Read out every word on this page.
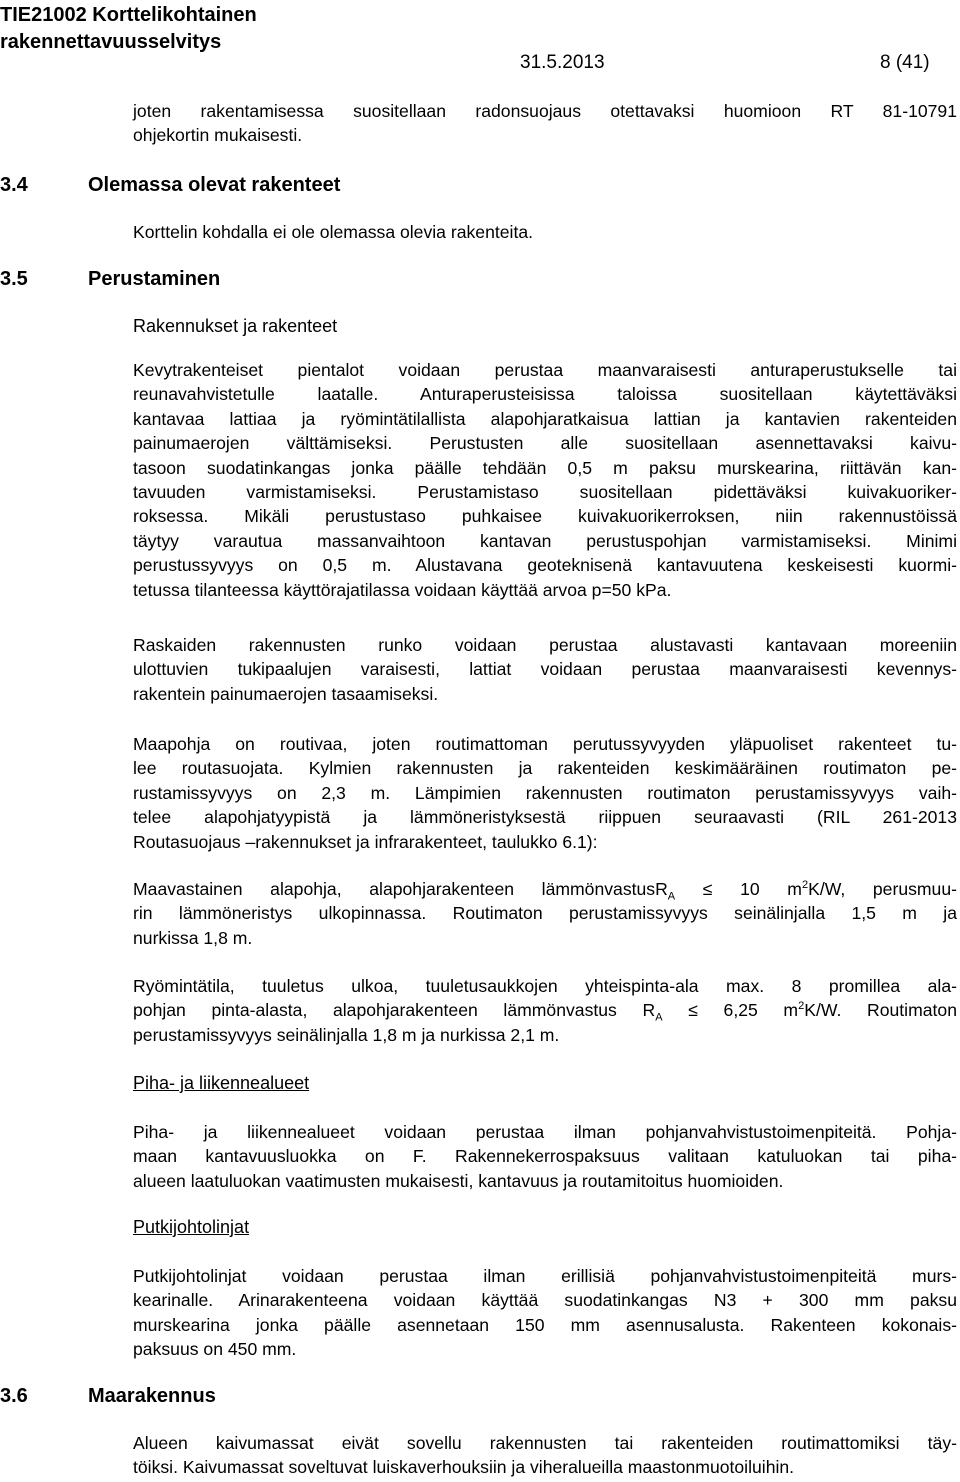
TIE21002 Korttelikohtainen
rakennettavuusselvitys
31.5.2013	8 (41)
joten rakentamisessa suositellaan radonsuojaus otettavaksi huomioon RT 81-10791
ohjekortin mukaisesti.
3.4	Olemassa olevat rakenteet
Korttelin kohdalla ei ole olemassa olevia rakenteita.
3.5	Perustaminen
Rakennukset ja rakenteet
Kevytrakenteiset pientalot voidaan perustaa maanvaraisesti anturaperustukselle tai
reunavahvistetulle laatalle. Anturaperusteisissa taloissa suositellaan käytettäväksi
kantavaa lattiaa ja ryömintätilallista alapohjaratkaisua lattian ja kantavien rakenteiden
painumaerojen välttämiseksi. Perustusten alle suositellaan asennettavaksi kaivu-
tasoon suodatinkangas jonka päälle tehdään 0,5 m paksu murskearina, riittävän kan-
tavuuden varmistamiseksi. Perustamistaso suositellaan pidettäväksi kuivakuoriker-
roksessa. Mikäli perustustaso puhkaisee kuivakuorikerroksen, niin rakennustöissä
täytyy varautua massanvaihtoon kantavan perustuspohjan varmistamiseksi. Minimi
perustussyvyys on 0,5 m. Alustavana geoteknisenä kantavuutena keskeisesti kuormi-
tetussa tilanteessa käyttörajatilassa voidaan käyttää arvoa p=50 kPa.
Raskaiden rakennusten runko voidaan perustaa alustavasti kantavaan moreeniin
ulottuvien tukipaalujen varaisesti, lattiat voidaan perustaa maanvaraisesti kevennys-
rakentein painumaerojen tasaamiseksi.
Maapohja on routivaa, joten routimattoman perutussyvyyden yläpuoliset rakenteet tu-
lee routasuojata. Kylmien rakennusten ja rakenteiden keskimääräinen routimaton pe-
rustamissyvyys on 2,3 m. Lämpimien rakennusten routimaton perustamissyvyys vaih-
telee alapohjatyypistä ja lämmöneristyksestä riippuen seuraavasti (RIL 261-2013
Routasuojaus –rakennukset ja infrarakenteet, taulukko 6.1):
Maavastainen alapohja, alapohjarakenteen lämmönvastusR$_A$ ≤ 10 $m^2K/W$, perusmuu-
rin lämmöneristys ulkopinnassa. Routimaton perustamissyvyys seinälinjalla 1,5 m ja
nurkissa 1,8 m.
Ryömintätila, tuuletus ulkoa, tuuletusaukkojen yhteispinta-ala max. 8 promillea ala-
pohjan pinta-alasta, alapohjarakenteen lämmönvastus $R_A \le 6,25$ $m^2K/W$. Routimaton
perustamissyvyys seinälinjalla 1,8 m ja nurkissa 2,1 m.
Piha- ja liikennealueet
Piha- ja liikennealueet voidaan perustaa ilman pohjanvahvistustoimenpiteitä. Pohja-
maan kantavuusluokka on F. Rakennekerrospaksuus valitaan katuluokan tai piha-
alueen laatuluokan vaatimusten mukaisesti, kantavuus ja routamitoitus huomioiden.
Putkijohtolinjat
Putkijohtolinjat voidaan perustaa ilman erillisiä pohjanvahvistustoimenpiteitä murs-
kearinalle. Arinarakenteena voidaan käyttää suodatinkangas N3 + 300 mm paksu
murskearina jonka päälle asennetaan 150 mm asennusalusta. Rakenteen kokonais-
paksuus on 450 mm.
3.6	Maarakennus
Alueen kaivumassat eivät sovellu rakennusten tai rakenteiden routimattomiksi täy-
töiksi. Kaivumassat soveltuvat luiskaverhouksiin ja viheralueilla maastonmuotoiluihin.
